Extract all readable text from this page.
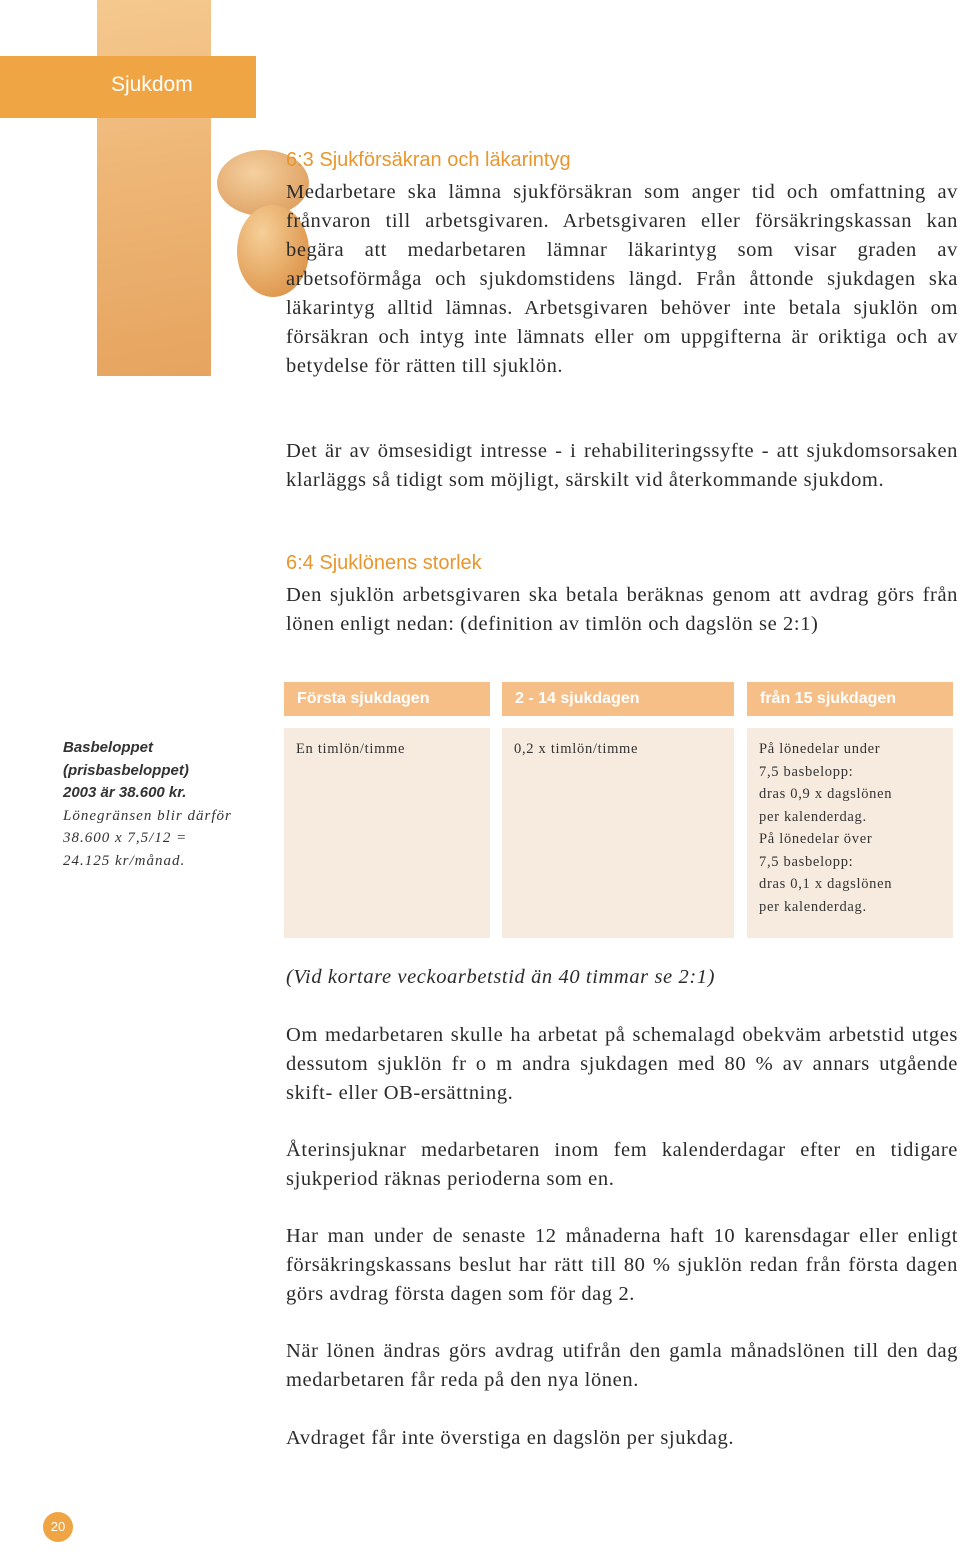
Sjukdom
6:3 Sjukförsäkran och läkarintyg

Medarbetare ska lämna sjukförsäkran som anger tid och omfattning av frånvaron till arbetsgivaren. Arbetsgivaren eller försäkringskassan kan begära att medarbetaren lämnar läkarintyg som visar graden av arbetsoförmåga och sjukdomstidens längd. Från åttonde sjukdagen ska läkarintyg alltid lämnas. Arbetsgivaren behöver inte betala sjuklön om försäkran och intyg inte lämnats eller om uppgifterna är oriktiga och av betydelse för rätten till sjuklön.

Det är av ömsesidigt intresse - i rehabiliteringssyfte - att sjukdomsorsaken klarläggs så tidigt som möjligt, särskilt vid återkommande sjukdom.

6:4 Sjuklönens storlek

Den sjuklön arbetsgivaren ska betala beräknas genom att avdrag görs från lönen enligt nedan: (definition av timlön och dagslön se 2:1)

Första sjukdagen	2 - 14 sjukdagen	från 15 sjukdagen
En timlön/timme	0,2 x timlön/timme	På lönedelar under
7,5 basbelopp:
dras 0,9 x dagslönen
per kalenderdag.
På lönedelar över
7,5 basbelopp:
dras 0,1 x dagslönen
per kalenderdag.
Basbeloppet
(prisbasbeloppet)
2003 är 38.600 kr.
Lönegränsen blir därför
38.600 x 7,5/12 =
24.125 kr/månad.

(Vid kortare veckoarbetstid än 40 timmar se 2:1)

Om medarbetaren skulle ha arbetat på schemalagd obekväm arbetstid utges dessutom sjuklön fr o m andra sjukdagen med 80 % av annars utgående skift- eller OB-ersättning.

Återinsjuknar medarbetaren inom fem kalenderdagar efter en tidigare sjukperiod räknas perioderna som en.

Har man under de senaste 12 månaderna haft 10 karensdagar eller enligt försäkringskassans beslut har rätt till 80 % sjuklön redan från första dagen görs avdrag första dagen som för dag 2.

När lönen ändras görs avdrag utifrån den gamla månadslönen till den dag medarbetaren får reda på den nya lönen.

Avdraget får inte överstiga en dagslön per sjukdag.

20
